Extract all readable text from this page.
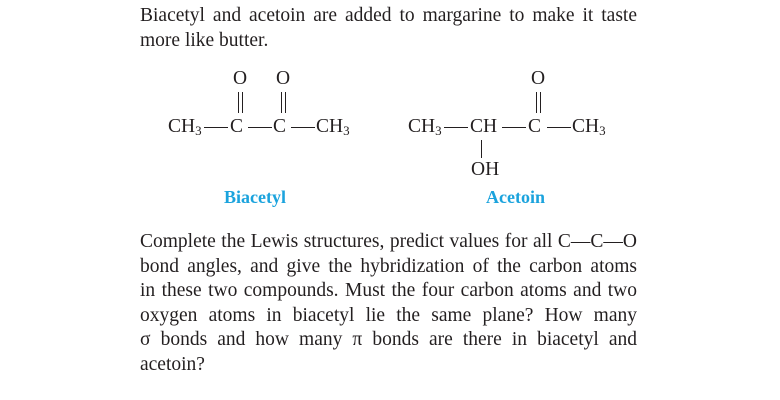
Biacetyl and acetoin are added to margarine to make it taste
more like butter.
O O
$CH_3$ C C $CH_3$
Biacetyl
O
$CH_3$ CH C $CH_3$
OH
Acetoin
Complete the Lewis structures, predict values for all C—C—O
bond angles, and give the hybridization of the carbon atoms
in these two compounds. Must the four carbon atoms and two
oxygen atoms in biacetyl lie the same plane? How many
σ bonds and how many π bonds are there in biacetyl and
acetoin?
